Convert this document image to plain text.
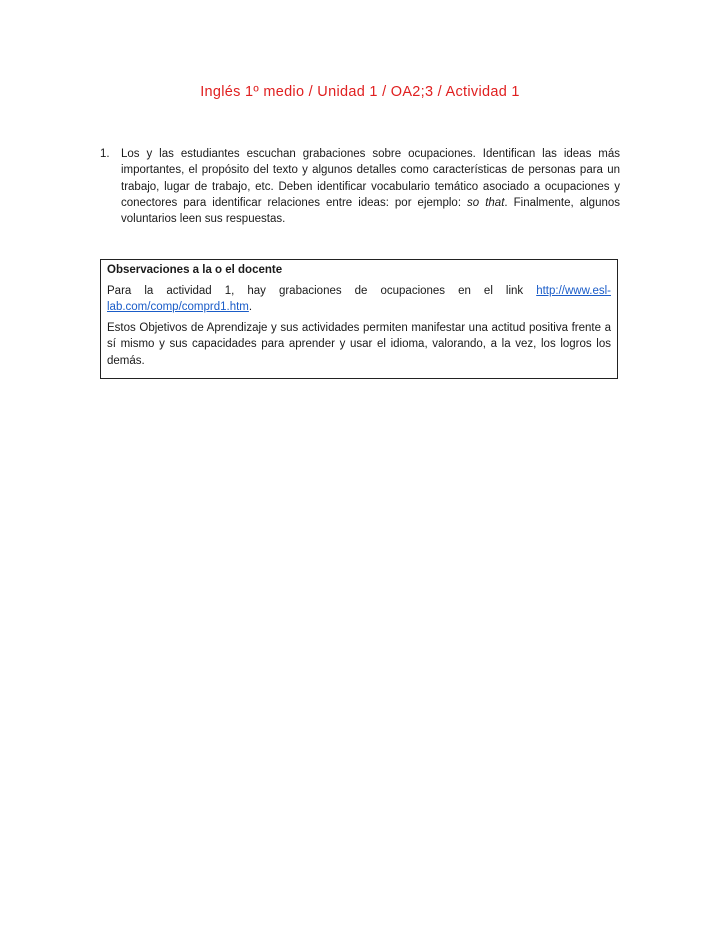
Inglés 1º medio / Unidad 1 / OA2;3 / Actividad 1
1. Los y las estudiantes escuchan grabaciones sobre ocupaciones. Identifican las ideas más importantes, el propósito del texto y algunos detalles como características de personas para un trabajo, lugar de trabajo, etc. Deben identificar vocabulario temático asociado a ocupaciones y conectores para identificar relaciones entre ideas: por ejemplo: so that. Finalmente, algunos voluntarios leen sus respuestas.

Observaciones a la o el docente

Para la actividad 1, hay grabaciones de ocupaciones en el link http://www.esl-lab.com/comp/comprd1.htm.

Estos Objetivos de Aprendizaje y sus actividades permiten manifestar una actitud positiva frente a sí mismo y sus capacidades para aprender y usar el idioma, valorando, a la vez, los logros los demás.
